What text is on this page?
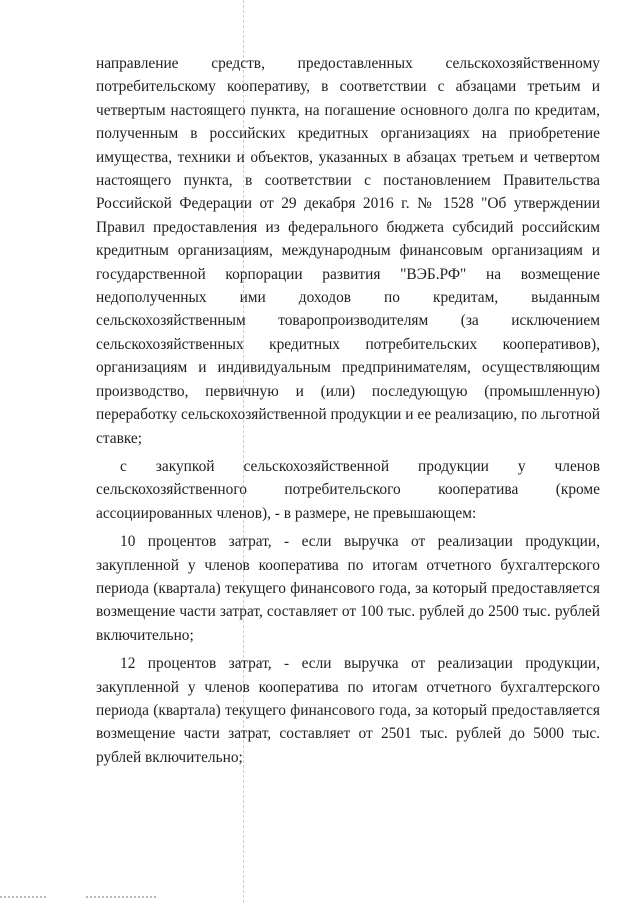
направление средств, предоставленных сельскохозяйственному потребительскому кооперативу, в соответствии с абзацами третьим и четвертым настоящего пункта, на погашение основного долга по кредитам, полученным в российских кредитных организациях на приобретение имущества, техники и объектов, указанных в абзацах третьем и четвертом настоящего пункта, в соответствии с постановлением Правительства Российской Федерации от 29 декабря 2016 г. № 1528 "Об утверждении Правил предоставления из федерального бюджета субсидий российским кредитным организациям, международным финансовым организациям и государственной корпорации развития "ВЭБ.РФ" на возмещение недополученных ими доходов по кредитам, выданным сельскохозяйственным товаропроизводителям (за исключением сельскохозяйственных кредитных потребительских кооперативов), организациям и индивидуальным предпринимателям, осуществляющим производство, первичную и (или) последующую (промышленную) переработку сельскохозяйственной продукции и ее реализацию, по льготной ставке;

с закупкой сельскохозяйственной продукции у членов сельскохозяйственного потребительского кооператива (кроме ассоциированных членов), - в размере, не превышающем:

10 процентов затрат, - если выручка от реализации продукции, закупленной у членов кооператива по итогам отчетного бухгалтерского периода (квартала) текущего финансового года, за который предоставляется возмещение части затрат, составляет от 100 тыс. рублей до 2500 тыс. рублей включительно;

12 процентов затрат, - если выручка от реализации продукции, закупленной у членов кооператива по итогам отчетного бухгалтерского периода (квартала) текущего финансового года, за который предоставляется возмещение части затрат, составляет от 2501 тыс. рублей до 5000 тыс. рублей включительно;
